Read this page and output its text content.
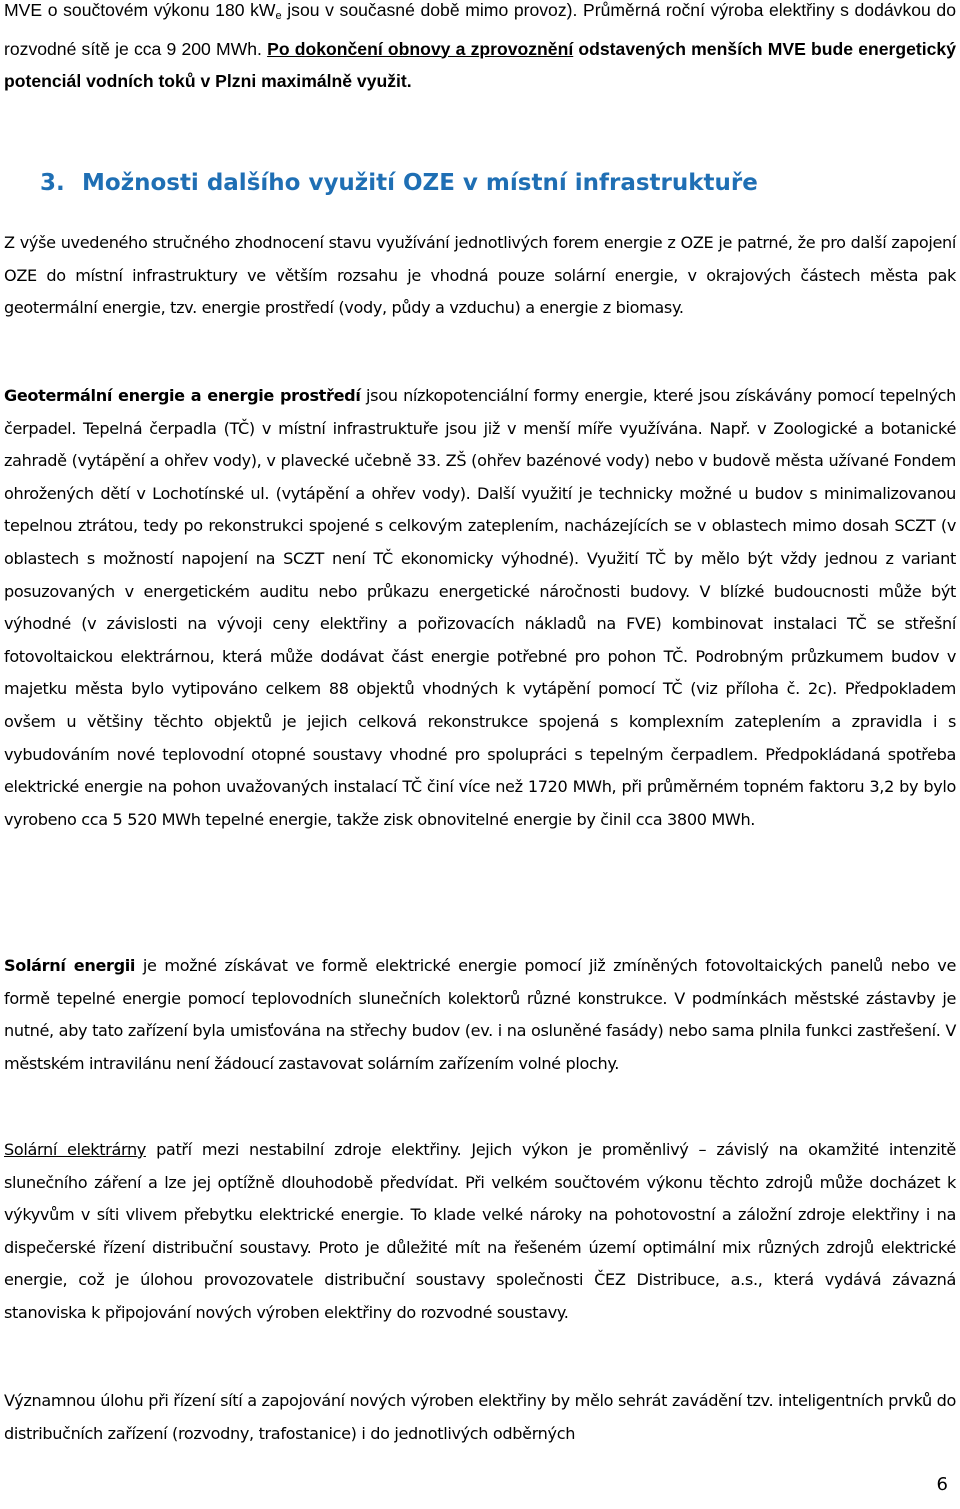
MVE o součtovém výkonu 180 $kW_e$ jsou v současné době mimo provoz). Průměrná roční výroba elektřiny s dodávkou do rozvodné sítě je cca 9 200 MWh. Po dokončení obnovy a zprovoznění odstavených menších MVE bude energetický potenciál vodních toků v Plzni maximálně využit.

3. Možnosti dalšího využití OZE v místní infrastruktuře

Z výše uvedeného stručného zhodnocení stavu využívání jednotlivých forem energie z OZE je patrné, že pro další zapojení OZE do místní infrastruktury ve větším rozsahu je vhodná pouze solární energie, v okrajových částech města pak geotermální energie, tzv. energie prostředí (vody, půdy a vzduchu) a energie z biomasy.

Geotermální energie a energie prostředí jsou nízkopotenciální formy energie, které jsou získávány pomocí tepelných čerpadel. Tepelná čerpadla (TČ) v místní infrastruktuře jsou již v menší míře využívána. Např. v Zoologické a botanické zahradě (vytápění a ohřev vody), v plavecké učebně 33. ZŠ (ohřev bazénové vody) nebo v budově města užívané Fondem ohrožených dětí v Lochotínské ul. (vytápění a ohřev vody). Další využití je technicky možné u budov s minimalizovanou tepelnou ztrátou, tedy po rekonstrukci spojené s celkovým zateplením, nacházejících se v oblastech mimo dosah SCZT (v oblastech s možností napojení na SCZT není TČ ekonomicky výhodné). Využití TČ by mělo být vždy jednou z variant posuzovaných v energetickém auditu nebo průkazu energetické náročnosti budovy. V blízké budoucnosti může být výhodné (v závislosti na vývoji ceny elektřiny a pořizovacích nákladů na FVE) kombinovat instalaci TČ se střešní fotovoltaickou elektrárnou, která může dodávat část energie potřebné pro pohon TČ. Podrobným průzkumem budov v majetku města bylo vytipováno celkem 88 objektů vhodných k vytápění pomocí TČ (viz příloha č. 2c). Předpokladem ovšem u většiny těchto objektů je jejich celková rekonstrukce spojená s komplexním zateplením a zpravidla i s vybudováním nové teplovodní otopné soustavy vhodné pro spolupráci s tepelným čerpadlem. Předpokládaná spotřeba elektrické energie na pohon uvažovaných instalací TČ činí více než 1720 MWh, při průměrném topném faktoru 3,2 by bylo vyrobeno cca 5 520 MWh tepelné energie, takže zisk obnovitelné energie by činil cca 3800 MWh.

Solární energii je možné získávat ve formě elektrické energie pomocí již zmíněných fotovoltaických panelů nebo ve formě tepelné energie pomocí teplovodních slunečních kolektorů různé konstrukce. V podmínkách městské zástavby je nutné, aby tato zařízení byla umisťována na střechy budov (ev. i na osluněné fasády) nebo sama plnila funkci zastřešení. V městském intravilánu není žádoucí zastavovat solárním zařízením volné plochy.

Solární elektrárny patří mezi nestabilní zdroje elektřiny. Jejich výkon je proměnlivý – závislý na okamžité intenzitě slunečního záření a lze jej optížně dlouhodobě předvídat. Při velkém součtovém výkonu těchto zdrojů může docházet k výkyvům v síti vlivem přebytku elektrické energie. To klade velké nároky na pohotovostní a záložní zdroje elektřiny i na dispečerské řízení distribuční soustavy. Proto je důležité mít na řešeném území optimální mix různých zdrojů elektrické energie, což je úlohou provozovatele distribuční soustavy společnosti ČEZ Distribuce, a.s., která vydává závazná stanoviska k připojování nových výroben elektřiny do rozvodné soustavy.

Významnou úlohu při řízení sítí a zapojování nových výroben elektřiny by mělo sehrát zavádění tzv. inteligentních prvků do distribučních zařízení (rozvodny, trafostanice) i do jednotlivých odběrných

6
